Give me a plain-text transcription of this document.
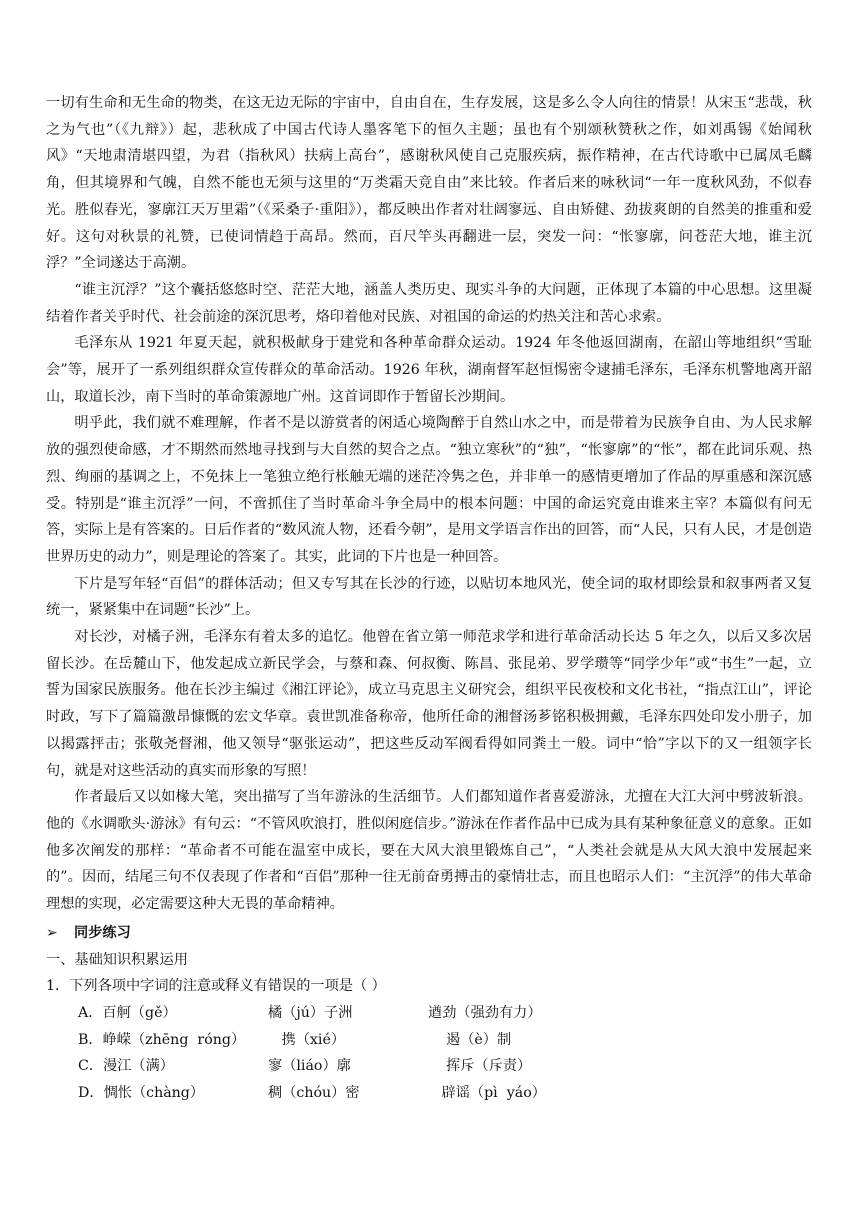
一切有生命和无生命的物类，在这无边无际的宇宙中，自由自在，生存发展，这是多么令人向往的情景！从宋玉“悲哉，秋之为气也”（《九辩》）起，悲秋成了中国古代诗人墨客笔下的恒久主题；虽也有个别颂秋赞秋之作，如刘禹锡《始闻秋风》“天地肃清堪四望，为君（指秋风）扶病上高台”，感谢秋风使自己克服疾病，振作精神，在古代诗歌中已属凤毛麟角，但其境界和气魄，自然不能也无须与这里的“万类霜天竞自由”来比较。作者后来的咏秋词“一年一度秋风劲，不似春光。胜似春光，寥廓江天万里霜”（《采桑子·重阳》），都反映出作者对壮阔寥远、自由矫健、劲拔爽朗的自然美的推重和爱好。这句对秋景的礼赞，已使词情趋于高昂。然而，百尺竿头再翻进一层，突发一问：“怅寥廓，问苍茫大地，谁主沉浮？”全词遂达于高潮。

“谁主沉浮？”这个囊括悠悠时空、茫茫大地，涵盖人类历史、现实斗争的大问题，正体现了本篇的中心思想。这里凝结着作者关乎时代、社会前途的深沉思考，烙印着他对民族、对祖国的命运的灼热关注和苦心求索。

毛泽东从 1921 年夏天起，就积极献身于建党和各种革命群众运动。1924 年冬他返回湖南，在韶山等地组织“雪耻会”等，展开了一系列组织群众宣传群众的革命活动。1926 年秋，湖南督军赵恒惕密令逮捕毛泽东，毛泽东机警地离开韶山，取道长沙，南下当时的革命策源地广州。这首词即作于暂留长沙期间。

明乎此，我们就不难理解，作者不是以游赏者的闲适心境陶醉于自然山水之中，而是带着为民族争自由、为人民求解放的强烈使命感，才不期然而然地寻找到与大自然的契合之点。“独立寒秋”的“独”，“怅寥廓”的“怅”，都在此词乐观、热烈、绚丽的基调之上，不免抹上一笔独立绝行枨触无端的迷茫冷隽之色，并非单一的感情更增加了作品的厚重感和深沉感受。特别是“谁主沉浮”一问，不啻抓住了当时革命斗争全局中的根本问题：中国的命运究竟由谁来主宰？本篇似有问无答，实际上是有答案的。日后作者的“数风流人物，还看今朝”，是用文学语言作出的回答，而“人民，只有人民，才是创造世界历史的动力”，则是理论的答案了。其实，此词的下片也是一种回答。

下片是写年轻“百侣”的群体活动；但又专写其在长沙的行迹，以贴切本地风光，使全词的取材即绘景和叙事两者又复统一，紧紧集中在词题“长沙”上。

对长沙，对橘子洲，毛泽东有着太多的追忆。他曾在省立第一师范求学和进行革命活动长达 5 年之久，以后又多次居留长沙。在岳麓山下，他发起成立新民学会，与蔡和森、何叔衡、陈昌、张昆弟、罗学瓒等“同学少年”或“书生”一起，立誓为国家民族服务。他在长沙主编过《湘江评论》，成立马克思主义研究会，组织平民夜校和文化书社，“指点江山”，评论时政，写下了篇篇激昂慷慨的宏文华章。袁世凯准备称帝，他所任命的湘督汤芗铭积极拥戴，毛泽东四处印发小册子，加以揭露抨击；张敬尧督湘，他又领导“驱张运动”，把这些反动军阀看得如同粪土一般。词中“恰”字以下的又一组领字长句，就是对这些活动的真实而形象的写照！

作者最后又以如椽大笔，突出描写了当年游泳的生活细节。人们都知道作者喜爱游泳，尤擅在大江大河中劈波斩浪。他的《水调歌头·游泳》有句云：“不管风吹浪打，胜似闲庭信步。”游泳在作者作品中已成为具有某种象征意义的意象。正如他多次阐发的那样：“革命者不可能在温室中成长，要在大风大浪里锻炼自己”，“人类社会就是从大风大浪中发展起来的”。因而，结尾三句不仅表现了作者和“百侣”那种一往无前奋勇搏击的豪情壮志，而且也昭示人们：“主沉浮”的伟大革命理想的实现，必定需要这种大无畏的革命精神。

➢ 同步练习
一、基础知识积累运用
1．下列各项中字词的注意或释义有错误的一项是（ ）
A．百舸（gě）	橘（jú）子洲	遒劲（强劲有力）
B．峥嵘（zhēng  róng） 携（xié）	遏（è）制
C．漫江（满）	寥（liáo）廓	挥斥（斥责）
D．惆怅（chàng）	稠（chóu）密	辟谣（pì  yáo）
